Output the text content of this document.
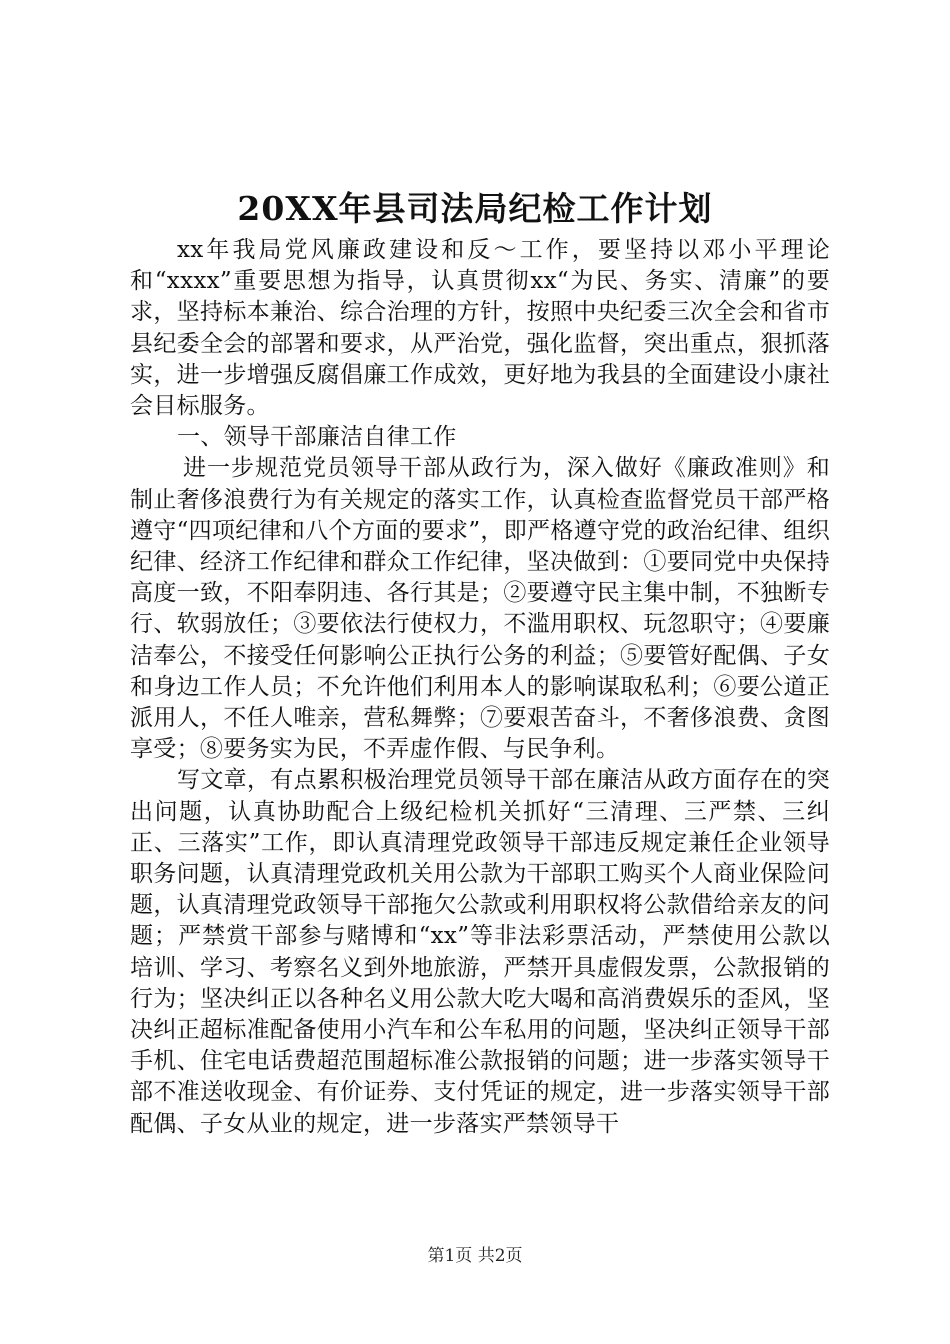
20XX年县司法局纪检工作计划

xx年我局党风廉政建设和反～工作，要坚持以邓小平理论和“xxxx”重要思想为指导，认真贯彻xx“为民、务实、清廉”的要求，坚持标本兼治、综合治理的方针，按照中央纪委三次全会和省市县纪委全会的部署和要求，从严治党，强化监督，突出重点，狠抓落实，进一步增强反腐倡廉工作成效，更好地为我县的全面建设小康社会目标服务。

一、领导干部廉洁自律工作

进一步规范党员领导干部从政行为，深入做好《廉政准则》和制止奢侈浪费行为有关规定的落实工作，认真检查监督党员干部严格遵守“四项纪律和八个方面的要求”，即严格遵守党的政治纪律、组织纪律、经济工作纪律和群众工作纪律，坚决做到：①要同党中央保持高度一致，不阳奉阴违、各行其是；②要遵守民主集中制，不独断专行、软弱放任；③要依法行使权力，不滥用职权、玩忽职守；④要廉洁奉公，不接受任何影响公正执行公务的利益；⑤要管好配偶、子女和身边工作人员；不允许他们利用本人的影响谋取私利；⑥要公道正派用人，不任人唯亲，营私舞弊；⑦要艰苦奋斗，不奢侈浪费、贪图享受；⑧要务实为民，不弄虚作假、与民争利。

写文章，有点累积极治理党员领导干部在廉洁从政方面存在的突出问题，认真协助配合上级纪检机关抓好“三清理、三严禁、三纠正、三落实”工作，即认真清理党政领导干部违反规定兼任企业领导职务问题，认真清理党政机关用公款为干部职工购买个人商业保险问题，认真清理党政领导干部拖欠公款或利用职权将公款借给亲友的问题；严禁赏干部参与赌博和“xx”等非法彩票活动，严禁使用公款以培训、学习、考察名义到外地旅游，严禁开具虚假发票，公款报销的行为；坚决纠正以各种名义用公款大吃大喝和高消费娱乐的歪风，坚决纠正超标准配备使用小汽车和公车私用的问题，坚决纠正领导干部手机、住宅电话费超范围超标准公款报销的问题；进一步落实领导干部不准送收现金、有价证券、支付凭证的规定，进一步落实领导干部配偶、子女从业的规定，进一步落实严禁领导干

第1页 共2页
